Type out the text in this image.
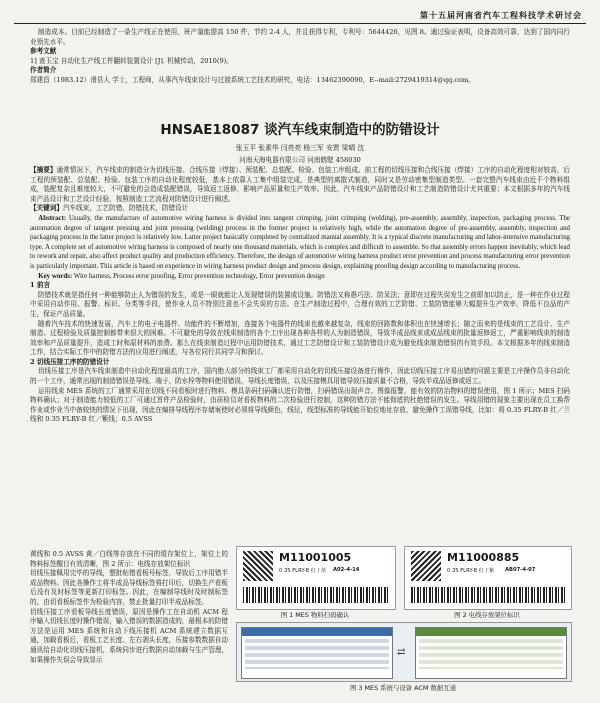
第十五届河南省汽车工程科技学术研讨会

制造成本。目前已经制造了一条生产线正在使用，班产量能提高 150 件，节约 2-4 人，并且获得专利，专利号：5644426，见图 8。通过验证表明，设备高效可靠，达到了国内同行业领先水平。

参考文献

1] 查玉宝 自动化生产线工件翻转装置设计 [J]. 机械传动，2010(9)。

作者简介

郑建昌（1983.12）滑县人 学士，工程师，从事汽车线束设计与过渡系统工艺技术的研究，电话：13462390090，E--mail:2729419314@qq.com。

HNSAE18087 谈汽车线束制造中的防错设计
张玉平 张素华 闫亮亮 杨三军 安贾 梁晴 沈
河南天海电器有限公司 河南鹤壁 458030

【摘要】通常情况下，汽车线束的制造分为切线压接、合线压接（焊接）、预装配、总装配、检验、包装工序组成。前工程的切线压接和合线压接（焊接）工序的自动化程度相对较高，后工程的预装配、总装配、检验、包装工序的自动化程度较低，基本上依靠人工集中组装完成，是典型的离散式制造，同时又是劳动密集型制造类型。一套完整汽车线束由近千个物料组成，装配复杂且难度较大，不可避免的会造成装配错误，导致返工返修，影响产品质量和生产效率。因此，汽车线束产品防错设计和工艺制造防错设计尤其重要；本文根据多年的汽车线束产品设计和工艺设计经验，按照制造工艺流程对防错设计进行阐述。

【关键词】汽车线束，工艺防错，防错技术，防错设计

Abstract: Usually, the manufacture of automotive wiring harness is divided into tangent crimping, joint crimping (welding), pre-assembly, assembly, inspection, packaging process. The automation degree of tangent pressing and joint pressing (welding) process in the former project is relatively high, while the automation degree of pre-assembly, assembly, inspection and packaging process in the latter project is relatively low. Latter project basically completed by centralized manual assembly. It is a typical discrete manufacturing and labor-intensive manufacturing type. A complete set of automotive wiring harness is composed of nearly one thousand materials, which is complex and difficult to assemble. So that assembly errors happen inevitably, which lead to rework and repair, also affect product quality and production efficiency. Therefore, the design of automotive wiring harness product error prevention and process manufacturing error prevention is particularly important. This article is based on experience in wiring harness product design and process design, explaining proofing design according to manufacturing process.

Key words: Wire harness, Process error proofing, Error prevention technology, Error prevention design

1 前言

防错技术就是指任何一种能够防止人为错误的发生，或是一眼就能让人发现错误的装置或设施。防错法又称愚巧法、防呆法；意即在过程失误发生之前即加以防止，是一种在作业过程中采用自动作用、报警、标识、分类等手段，使作业人员不特别注意也不会失误的方法。在生产制造过程中，合理有效的工艺防错、工装防错能够大幅提升生产效率，降低不良品的产生，保证产品质量。

随着汽车技术的快速发展，汽车上的电子电器件、功能件的不断增加，连接各个电器件的线束也越来越复杂，线束的回路数和体积也在快速增长；随之而来的是线束的工艺设计、生产制造、过程检验及质量控制都带来很大的困难。不可避免的导致在线束制造的各个工序出现各种各样的人为制造错误，导致半成品线束或成品线束的批量返修返工，严重影响线束的制造效率和产品质量提升，造成工时和原材料的浪费。那么在线束制造过程中运用防错技术，通过工艺防错设计和工装防错设计成为避免线束制造错误的有效手段。本文根据多年的线束制造工作，结合实际工作中的防错方法的应用进行阐述，与各位同行共同学习和探讨。

2 切线压接工序的防错设计

切线压接工序是汽车线束制造中自动化程度最高的工序，国内绝大部分的线束工厂都采用自动化的切线压接设备进行操作，因此切线压接工序易出错的问题主要是工序操作员非自动化的一个工序，通常出现的制造错误是导线、端子、防水栓等物料使用错误，导线长度错误，以及压接模具用错导致压接质量不合格，导致半成品返修或返工。

运用线束 MES 系统的工厂通常采用在切线不同看板时进行物料、模具条码扫码确认进行防错，扫码错误出现声音、图像报警，能有效的防治物料的错误使用，图 1 所示；MES 扫码物料确认；对于制造能力较低的工厂可通过首件产品检验时，由质检员对看板物料的二次检验进行控制，这种防错方法不能彻底的杜绝错误的发生。导线用错的现象主要出现在员工换帮作业或作业当中备较快的情况下出现，因此在编排导线程序存储案使时必须将导线颜色，线径，线型标准的导线能开始位地址存放，避免操作工误错导线，比如：将 0.35 FLRY-B 红／兰线和 0.35 FLRY-B 红／紫线；0.5 AVSS

黄线和 0.5 AVSS 黄／白线等存放在不同的缓存架位上，架位上的物料标签醒目有效清晰，图 2 所示：电线存放架位标识
切线压接佩用完毕的导线，整批贴错看板号标签，导致后工序用错半成品物料。因此各操作工将半成品导线标签将打印后，切换生产看板后没有及时标签等更新打印标签。因此，在编制导线时及时制标签的，由切看板标签作为检验内容，禁止批量打印半成品标签。
切线压接工序看板导线长度错误，原因是操作工在自动机 ACM 程序输入切线长度时操作错误，输入错误的数据造成的，最根本的防错方法是运用 MES 系统和自动下线压接机 ACM 系统建立数据互通，加载看板后，看板工艺长度、左右剥头长度，压接参数数据自动通讯给自动化切线压接机，系统同步进行数据自动加载与生产管理，如果操作失误会导致显示

M11001005
0.35 FLRY-B 红 / 蓝 A02-4-14
图 1 MES 物料扫码确认
M11000885
0.35 FLRY-B 红 / 紫 AB07-4-07
图 2 电线存放架位标识
⇄
图 3 MES 系统与设备 ACM 数据互通
